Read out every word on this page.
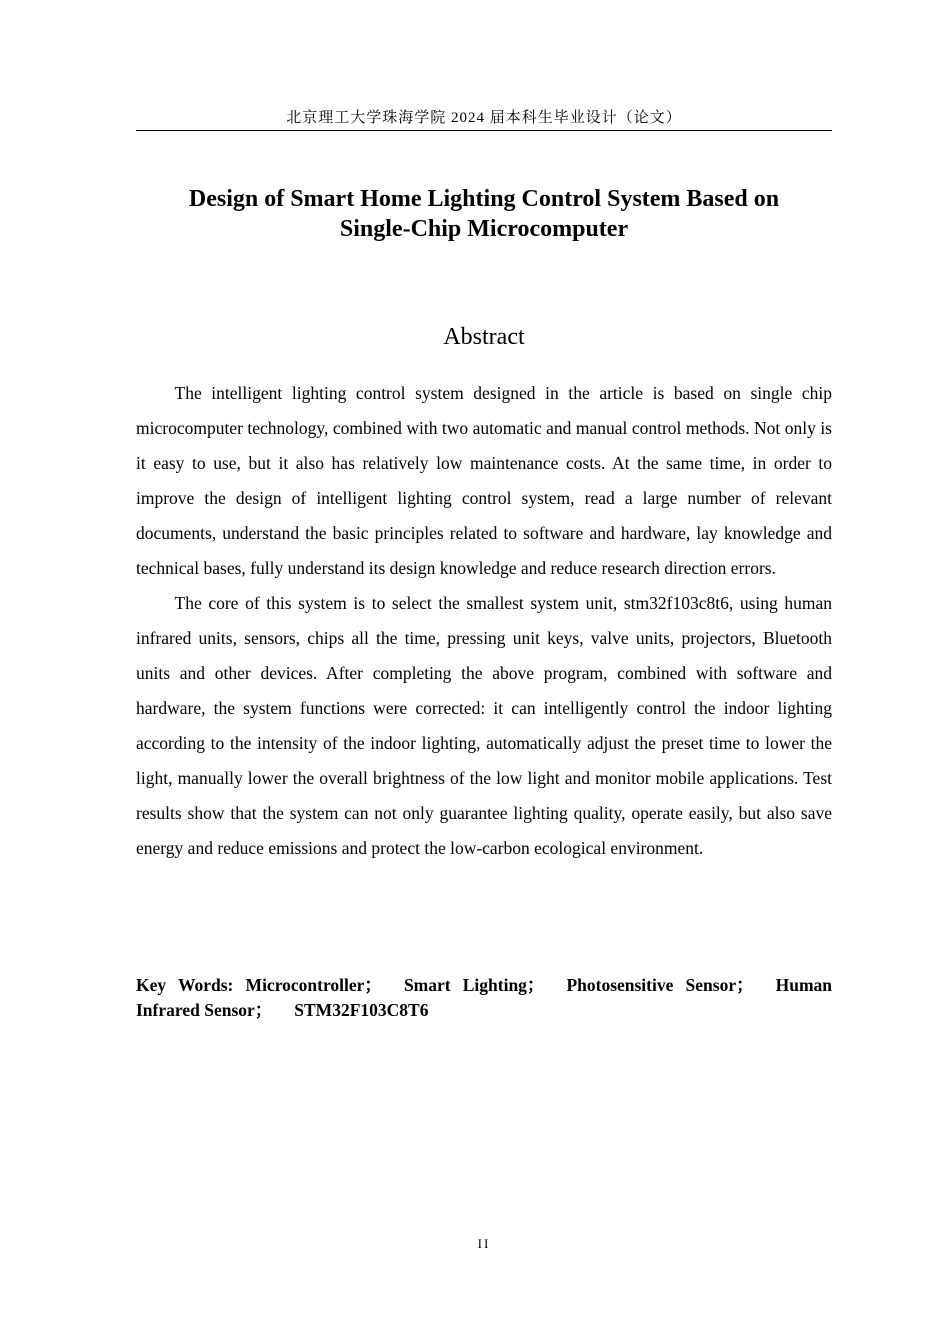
北京理工大学珠海学院 2024 届本科生毕业设计（论文）
Design of Smart Home Lighting Control System Based on
Single-Chip Microcomputer
Abstract

The intelligent lighting control system designed in the article is based on single chip microcomputer technology, combined with two automatic and manual control methods. Not only is it easy to use, but it also has relatively low maintenance costs. At the same time, in order to improve the design of intelligent lighting control system, read a large number of relevant documents, understand the basic principles related to software and hardware, lay knowledge and technical bases, fully understand its design knowledge and reduce research direction errors.

The core of this system is to select the smallest system unit, stm32f103c8t6, using human infrared units, sensors, chips all the time, pressing unit keys, valve units, projectors, Bluetooth units and other devices. After completing the above program, combined with software and hardware, the system functions were corrected: it can intelligently control the indoor lighting according to the intensity of the indoor lighting, automatically adjust the preset time to lower the light, manually lower the overall brightness of the low light and monitor mobile applications. Test results show that the system can not only guarantee lighting quality, operate easily, but also save energy and reduce emissions and protect the low-carbon ecological environment.

Key Words: Microcontroller； Smart Lighting； Photosensitive Sensor； Human Infrared Sensor； STM32F103C8T6
II
